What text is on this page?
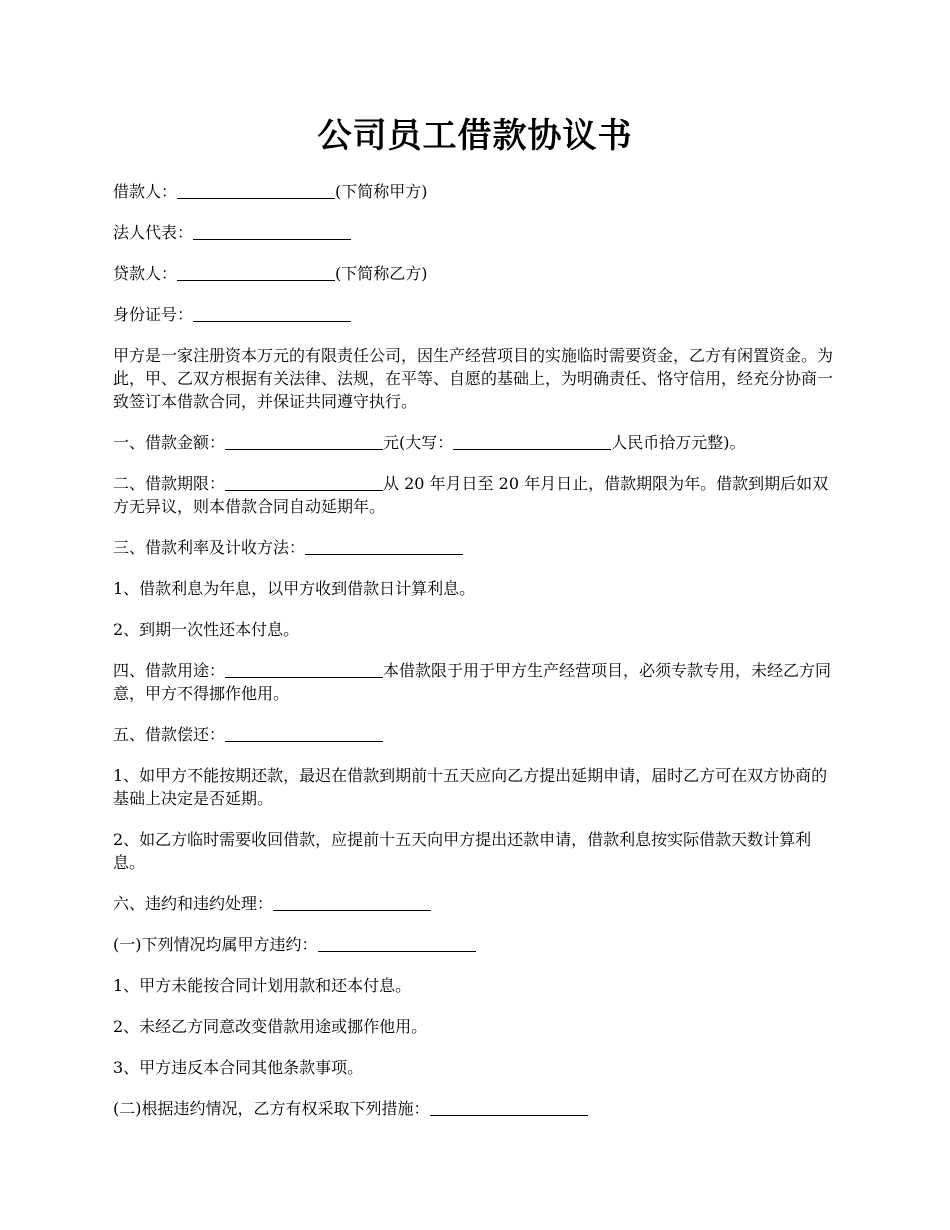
公司员工借款协议书

借款人：	(下简称甲方)

法人代表：

贷款人：	(下简称乙方)

身份证号：

甲方是一家注册资本万元的有限责任公司，因生产经营项目的实施临时需要资金，乙方有闲置资金。为此，甲、乙双方根据有关法律、法规，在平等、自愿的基础上，为明确责任、恪守信用，经充分协商一致签订本借款合同，并保证共同遵守执行。

一、借款金额：	元(大写：	人民币拾万元整)。

二、借款期限：	从 20 年月日至 20 年月日止，借款期限为年。借款到期后如双方无异议，则本借款合同自动延期年。

三、借款利率及计收方法：

1、借款利息为年息，以甲方收到借款日计算利息。

2、到期一次性还本付息。

四、借款用途：	本借款限于用于甲方生产经营项目，必须专款专用，未经乙方同意，甲方不得挪作他用。

五、借款偿还：

1、如甲方不能按期还款，最迟在借款到期前十五天应向乙方提出延期申请，届时乙方可在双方协商的基础上决定是否延期。

2、如乙方临时需要收回借款，应提前十五天向甲方提出还款申请，借款利息按实际借款天数计算利息。

六、违约和违约处理：

(一)下列情况均属甲方违约：

1、甲方未能按合同计划用款和还本付息。

2、未经乙方同意改变借款用途或挪作他用。

3、甲方违反本合同其他条款事项。

(二)根据违约情况，乙方有权采取下列措施：
